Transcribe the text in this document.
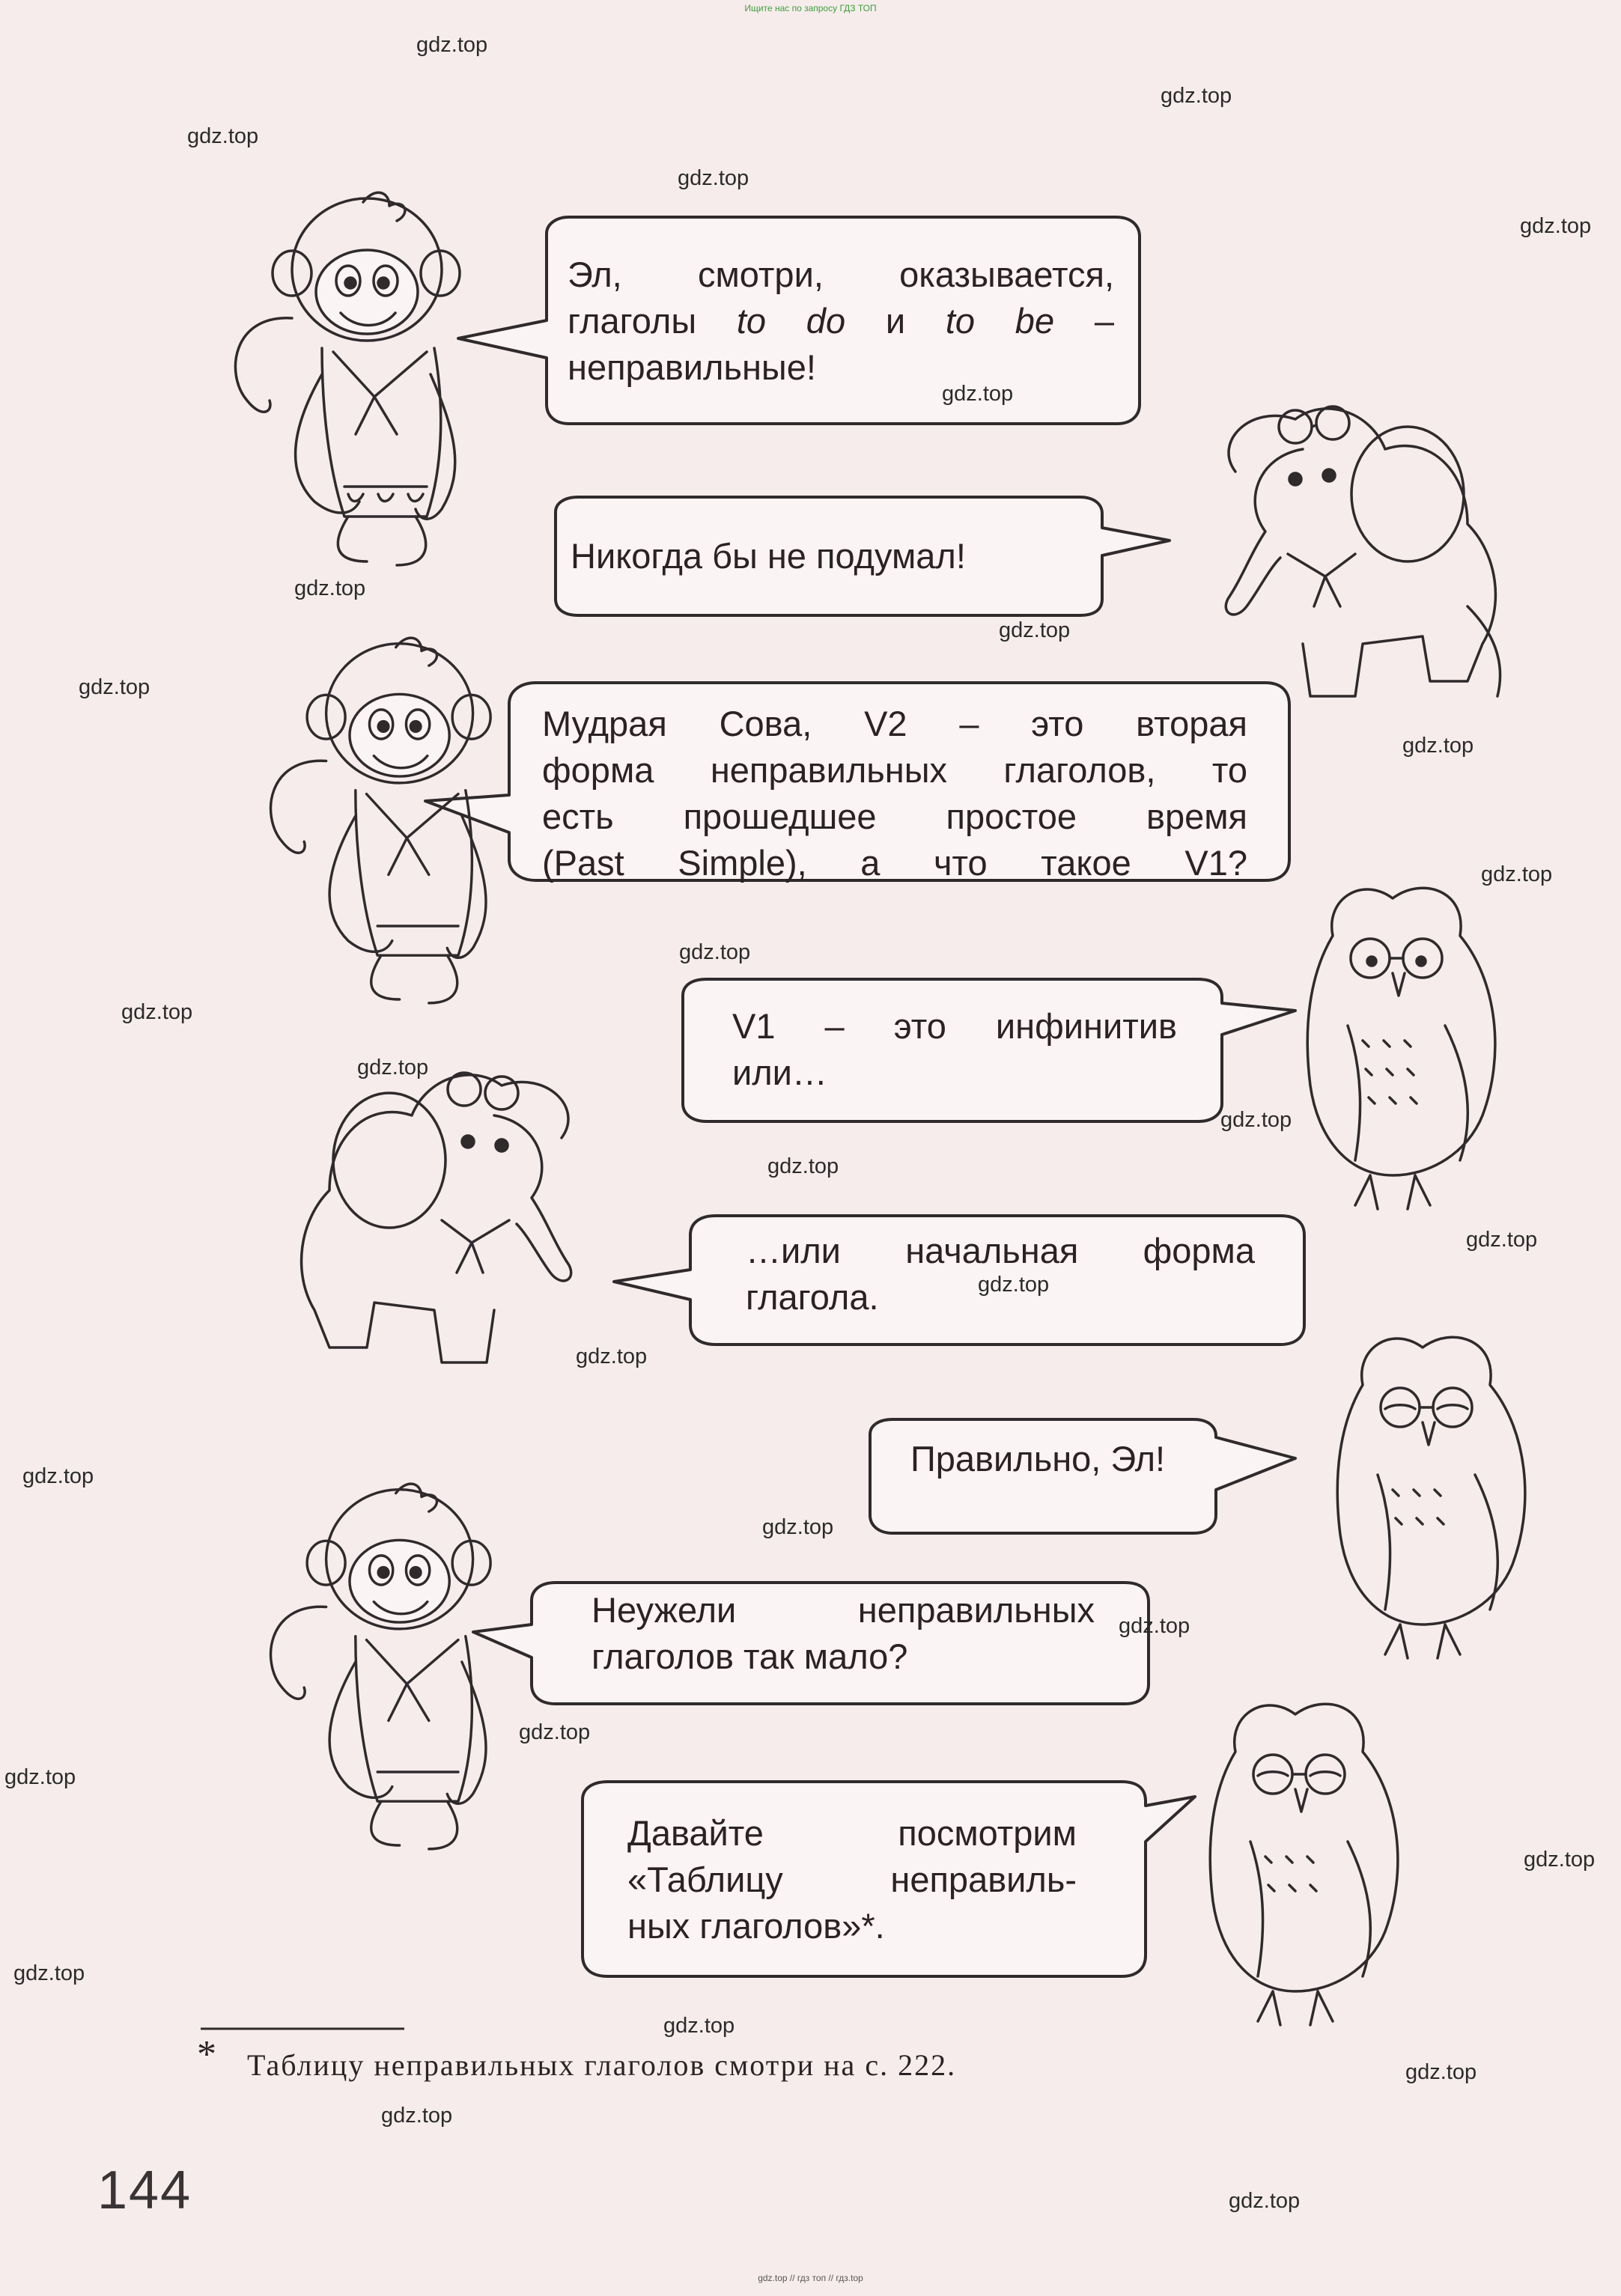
Ищите нас по запросу ГДЗ ТОП
gdz.top // гдз топ // гдз.top
Эл, смотри, оказывается,
глаголы to do и to be –
неправильные!
Никогда бы не подумал!
Мудрая Сова, V2 – это вторая
форма неправильных глаголов, то
есть прошедшее простое время
(Past Simple), а что такое V1?
V1 – это инфинитив
или…
…или начальная форма
глагола.
Правильно, Эл!
Неужели неправильных
глаголов так мало?
Давайте посмотрим
«Таблицу неправиль-
ных глаголов»*.
* Таблицу неправильных глаголов смотри на с. 222.
144
gdz.top
gdz.top
gdz.top
gdz.top
gdz.top
gdz.top
gdz.top
gdz.top
gdz.top
gdz.top
gdz.top
gdz.top
gdz.top
gdz.top
gdz.top
gdz.top
gdz.top
gdz.top
gdz.top
gdz.top
gdz.top
gdz.top
gdz.top
gdz.top
gdz.top
gdz.top
gdz.top
gdz.top
gdz.top
gdz.top
